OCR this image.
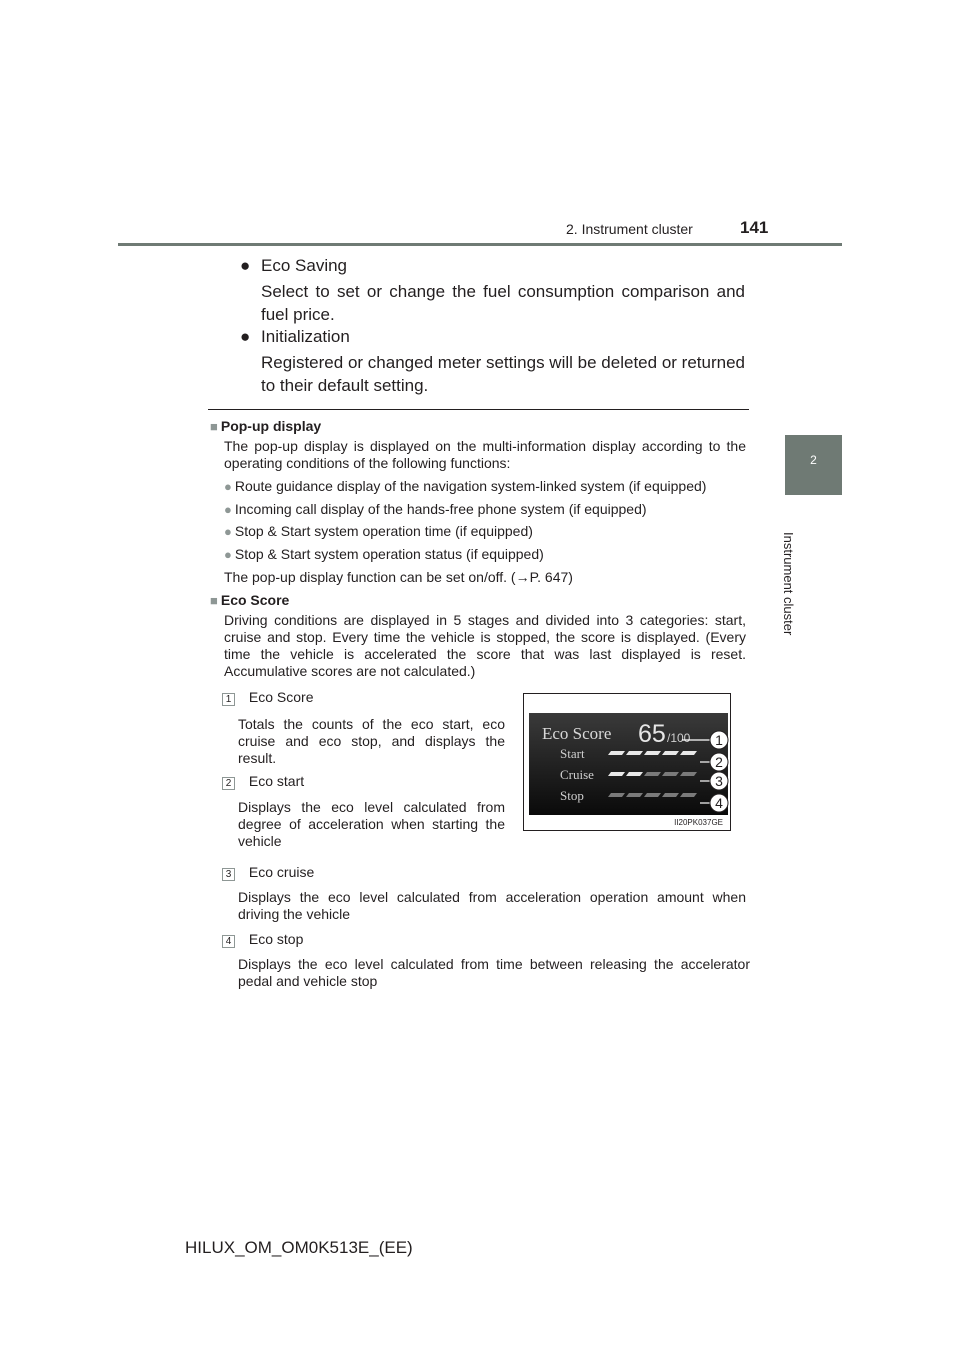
2. Instrument cluster	141
2
Instrument cluster
● Eco Saving
Select to set or change the fuel consumption comparison and fuel price.
● Initialization
Registered or changed meter settings will be deleted or returned to their default setting.
■ Pop-up display
The pop-up display is displayed on the multi-information display according to the operating conditions of the following functions:
● Route guidance display of the navigation system-linked system (if equipped)
● Incoming call display of the hands-free phone system (if equipped)
● Stop & Start system operation time (if equipped)
● Stop & Start system operation status (if equipped)
The pop-up display function can be set on/off. (→P. 647)
■ Eco Score
Driving conditions are displayed in 5 stages and divided into 3 categories: start, cruise and stop. Every time the vehicle is stopped, the score is displayed. (Every time the vehicle is accelerated the score that was last displayed is reset. Accumulative scores are not calculated.)
1 Eco Score
Totals the counts of the eco start, eco cruise and eco stop, and displays the result.
2 Eco start
Displays the eco level calculated from degree of acceleration when starting the vehicle
3 Eco cruise
Displays the eco level calculated from acceleration operation amount when driving the vehicle
4 Eco stop
Displays the eco level calculated from time between releasing the accelerator pedal and vehicle stop
Eco Score 65 /100
Start
Cruise
Stop
1
2
3
4
II20PK037GE
HILUX_OM_OM0K513E_(EE)
